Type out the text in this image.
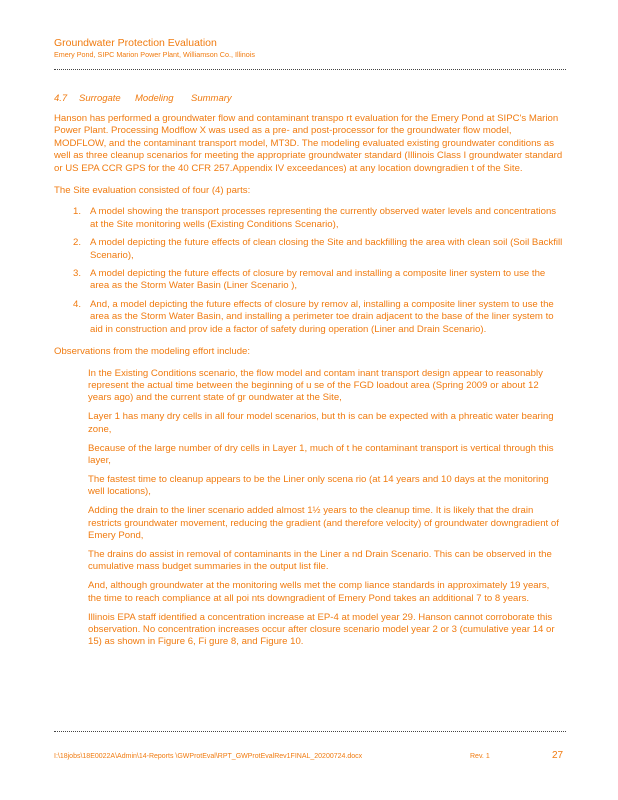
Groundwater Protection Evaluation
Emery Pond, SIPC Marion Power Plant, Williamson Co., Illinois
4.7 Surrogate Modeling Summary

Hanson has performed a groundwater flow and contaminant transpo rt evaluation for the Emery Pond at SIPC's Marion Power Plant. Processing Modflow X was used as a pre- and post-processor for the groundwater flow model, MODFLOW, and the contaminant transport model, MT3D. The modeling evaluated existing groundwater conditions as well as three cleanup scenarios for meeting the appropriate groundwater standard (Illinois Class I groundwater standard or US EPA CCR GPS for the 40 CFR 257.Appendix IV exceedances) at any location downgradien t of the Site.

The Site evaluation consisted of four (4) parts:

1. A model showing the transport processes representing the currently observed water levels and concentrations at the Site monitoring wells (Existing Conditions Scenario),
2. A model depicting the future effects of clean closing the Site and backfilling the area with clean soil (Soil Backfill Scenario),
3. A model depicting the future effects of closure by removal and installing a composite liner system to use the area as the Storm Water Basin (Liner Scenario ),
4. And, a model depicting the future effects of closure by remov al, installing a composite liner system to use the area as the Storm Water Basin, and installing a perimeter toe drain adjacent to the base of the liner system to aid in construction and prov ide a factor of safety during operation (Liner and Drain Scenario).

Observations from the modeling effort include:

In the Existing Conditions scenario, the flow model and contam inant transport design appear to reasonably represent the actual time between the beginning of u se of the FGD loadout area (Spring 2009 or about 12 years ago) and the current state of gr oundwater at the Site,
Layer 1 has many dry cells in all four model scenarios, but th is can be expected with a phreatic water bearing zone,
Because of the large number of dry cells in Layer 1, much of t he contaminant transport is vertical through this layer,
The fastest time to cleanup appears to be the Liner only scena rio (at 14 years and 10 days at the monitoring well locations),
Adding the drain to the liner scenario added almost 1½ years to the cleanup time. It is likely that the drain restricts groundwater movement, reducing the gradient (and therefore velocity) of groundwater downgradient of Emery Pond,
The drains do assist in removal of contaminants in the Liner a nd Drain Scenario. This can be observed in the cumulative mass budget summaries in the output list file.
And, although groundwater at the monitoring wells met the comp liance standards in approximately 19 years, the time to reach compliance at all poi nts downgradient of Emery Pond takes an additional 7 to 8 years.
Illinois EPA staff identified a concentration increase at EP-4 at model year 29. Hanson cannot corroborate this observation. No concentration increases occur after closure scenario model year 2 or 3 (cumulative year 14 or 15) as shown in Figure 6, Fi gure 8, and Figure 10.
I:\18jobs\18E0022A\Admin\14-Reports \GWProtEval\RPT_GWProtEvalRev1FINAL_20200724.docx	Rev. 1	27
